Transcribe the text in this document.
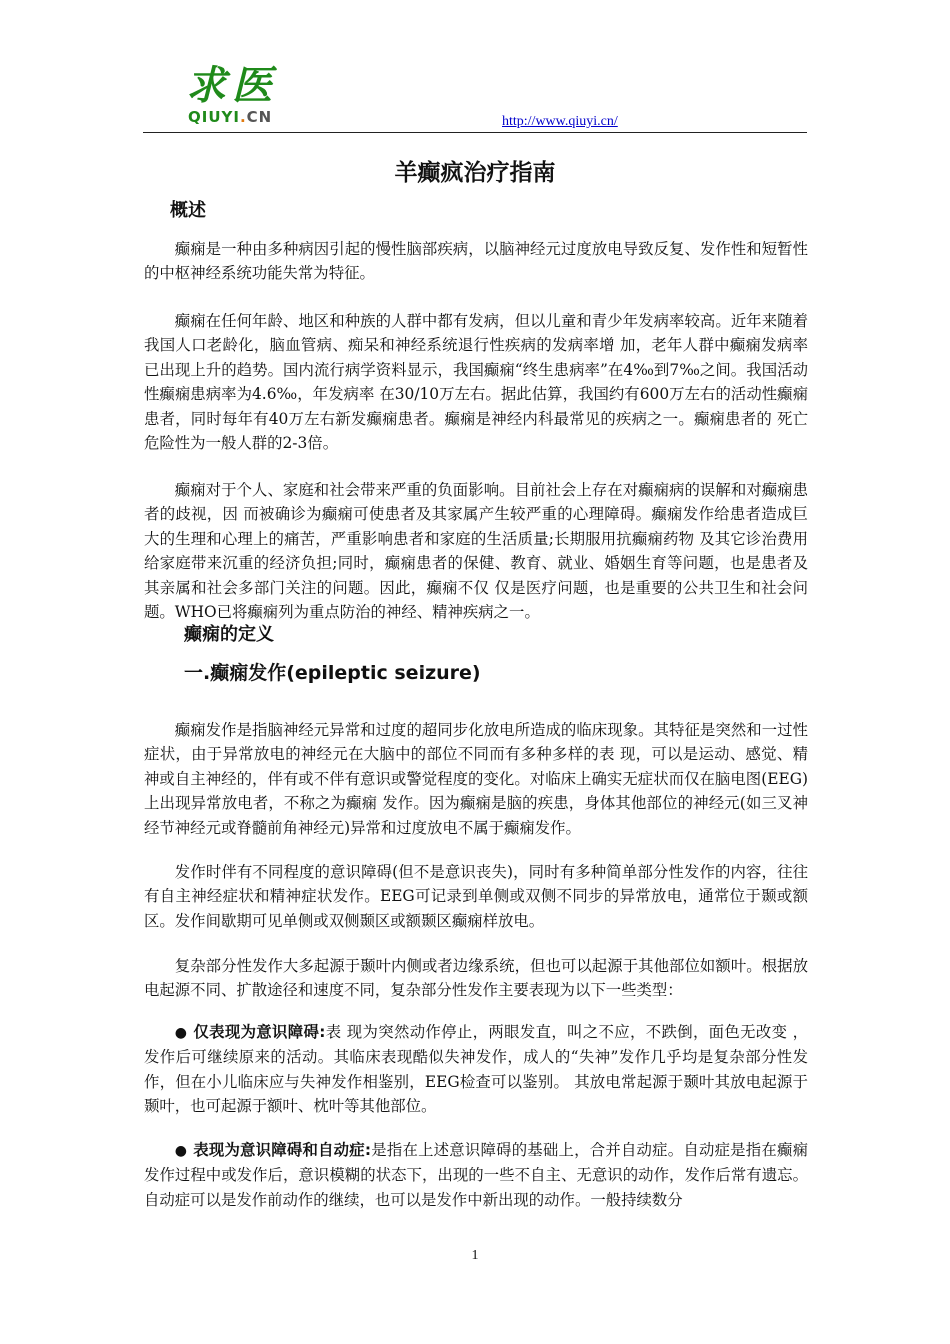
求医
QIUYI.CN	http://www.qiuyi.cn/
羊癫疯治疗指南
概述
癫痫是一种由多种病因引起的慢性脑部疾病，以脑神经元过度放电导致反复、发作性和短暂性的中枢神经系统功能失常为特征。
癫痫在任何年龄、地区和种族的人群中都有发病，但以儿童和青少年发病率较高。近年来随着我国人口老龄化，脑血管病、痴呆和神经系统退行性疾病的发病率增 加，老年人群中癫痫发病率已出现上升的趋势。国内流行病学资料显示，我国癫痫“终生患病率”在4‰到7‰之间。我国活动性癫痫患病率为4.6‰，年发病率 在30/10万左右。据此估算，我国约有600万左右的活动性癫痫患者，同时每年有40万左右新发癫痫患者。癫痫是神经内科最常见的疾病之一。癫痫患者的 死亡危险性为一般人群的2-3倍。
癫痫对于个人、家庭和社会带来严重的负面影响。目前社会上存在对癫痫病的误解和对癫痫患者的歧视，因 而被确诊为癫痫可使患者及其家属产生较严重的心理障碍。癫痫发作给患者造成巨大的生理和心理上的痛苦，严重影响患者和家庭的生活质量;长期服用抗癫痫药物 及其它诊治费用给家庭带来沉重的经济负担;同时，癫痫患者的保健、教育、就业、婚姻生育等问题，也是患者及其亲属和社会多部门关注的问题。因此，癫痫不仅 仅是医疗问题，也是重要的公共卫生和社会问题。WHO已将癫痫列为重点防治的神经、精神疾病之一。
癫痫的定义
一.癫痫发作(epileptic seizure)
癫痫发作是指脑神经元异常和过度的超同步化放电所造成的临床现象。其特征是突然和一过性症状，由于异常放电的神经元在大脑中的部位不同而有多种多样的表 现，可以是运动、感觉、精神或自主神经的，伴有或不伴有意识或警觉程度的变化。对临床上确实无症状而仅在脑电图(EEG)上出现异常放电者，不称之为癫痫 发作。因为癫痫是脑的疾患，身体其他部位的神经元(如三叉神经节神经元或脊髓前角神经元)异常和过度放电不属于癫痫发作。
发作时伴有不同程度的意识障碍(但不是意识丧失)，同时有多种简单部分性发作的内容，往往有自主神经症状和精神症状发作。EEG可记录到单侧或双侧不同步的异常放电，通常位于颞或额区。发作间歇期可见单侧或双侧颞区或额颞区癫痫样放电。
复杂部分性发作大多起源于颞叶内侧或者边缘系统，但也可以起源于其他部位如额叶。根据放电起源不同、扩散途径和速度不同，复杂部分性发作主要表现为以下一些类型：
● 仅表现为意识障碍:表 现为突然动作停止，两眼发直，叫之不应，不跌倒，面色无改变 ，发作后可继续原来的活动。其临床表现酷似失神发作，成人的“失神”发作几乎均是复杂部分性发作，但在小儿临床应与失神发作相鉴别，EEG检查可以鉴别。 其放电常起源于颞叶其放电起源于颞叶，也可起源于额叶、枕叶等其他部位。
● 表现为意识障碍和自动症:是指在上述意识障碍的基础上，合并自动症。自动症是指在癫痫发作过程中或发作后，意识模糊的状态下，出现的一些不自主、无意识的动作，发作后常有遗忘。自动症可以是发作前动作的继续，也可以是发作中新出现的动作。一般持续数分
1
